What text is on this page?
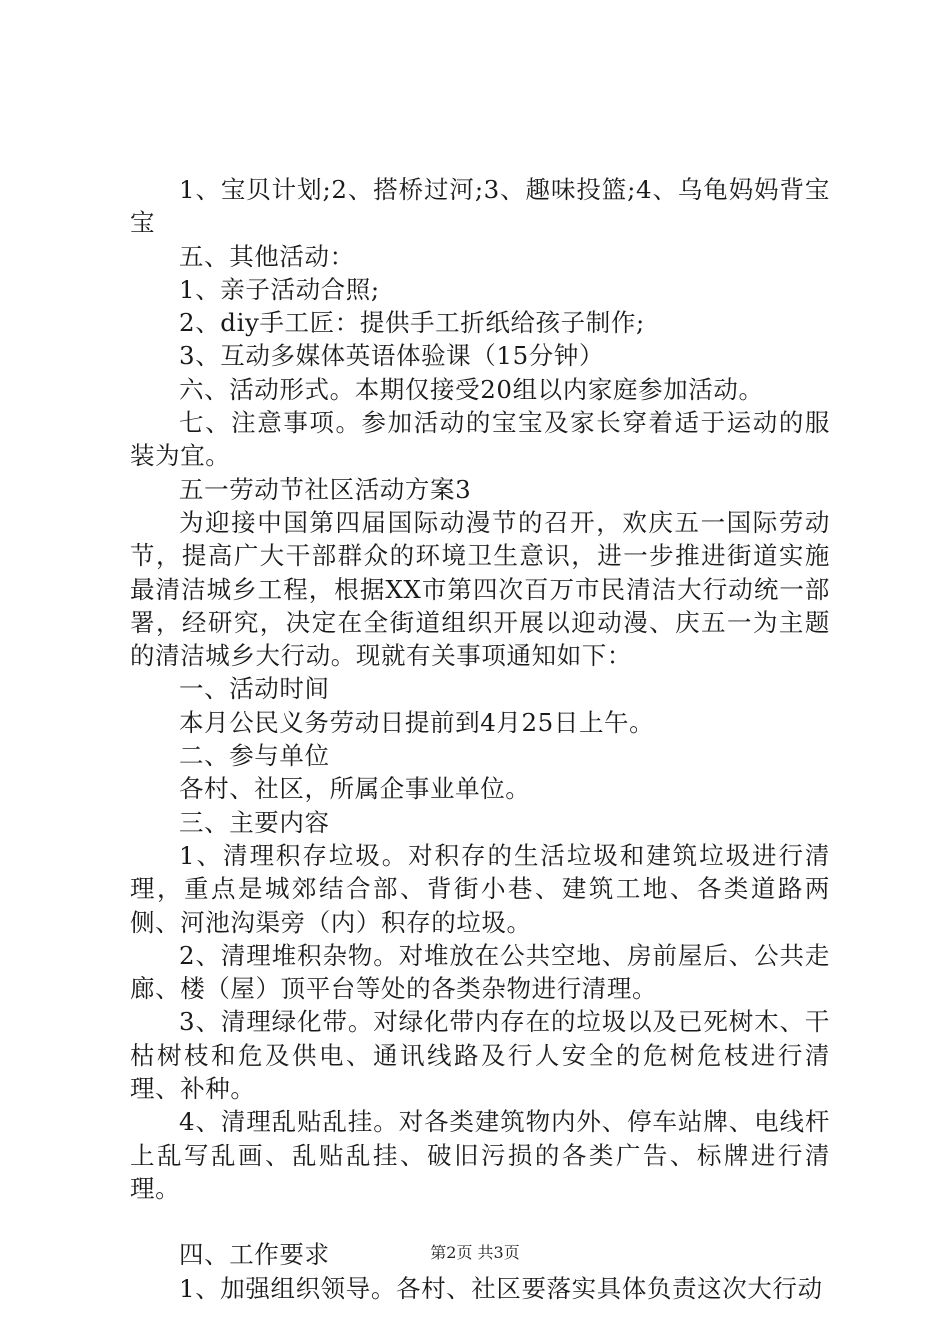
1、宝贝计划;2、搭桥过河;3、趣味投篮;4、乌龟妈妈背宝宝

五、其他活动：

1、亲子活动合照;

2、diy手工匠：提供手工折纸给孩子制作;

3、互动多媒体英语体验课（15分钟）

六、活动形式。本期仅接受20组以内家庭参加活动。

七、注意事项。参加活动的宝宝及家长穿着适于运动的服装为宜。

五一劳动节社区活动方案3

为迎接中国第四届国际动漫节的召开，欢庆五一国际劳动节，提高广大干部群众的环境卫生意识，进一步推进街道实施最清洁城乡工程，根据XX市第四次百万市民清洁大行动统一部署，经研究，决定在全街道组织开展以迎动漫、庆五一为主题的清洁城乡大行动。现就有关事项通知如下：

一、活动时间

本月公民义务劳动日提前到4月25日上午。

二、参与单位

各村、社区，所属企事业单位。

三、主要内容

1、清理积存垃圾。对积存的生活垃圾和建筑垃圾进行清理，重点是城郊结合部、背街小巷、建筑工地、各类道路两侧、河池沟渠旁（内）积存的垃圾。

2、清理堆积杂物。对堆放在公共空地、房前屋后、公共走廊、楼（屋）顶平台等处的各类杂物进行清理。

3、清理绿化带。对绿化带内存在的垃圾以及已死树木、干枯树枝和危及供电、通讯线路及行人安全的危树危枝进行清理、补种。

4、清理乱贴乱挂。对各类建筑物内外、停车站牌、电线杆上乱写乱画、乱贴乱挂、破旧污损的各类广告、标牌进行清理。

四、工作要求

1、加强组织领导。各村、社区要落实具体负责这次大行动

第2页 共3页
